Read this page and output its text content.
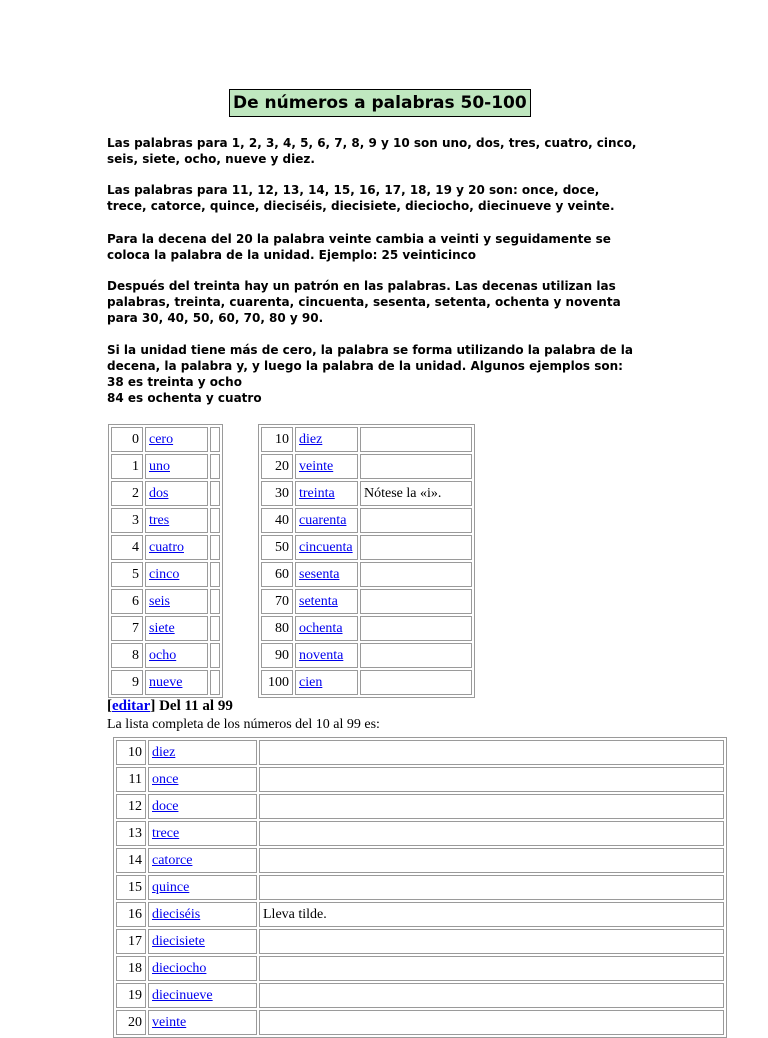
De números a palabras 50-100
Las palabras para 1, 2, 3, 4, 5, 6, 7, 8, 9 y 10 son uno, dos, tres, cuatro, cinco,
seis, siete, ocho, nueve y diez.
Las palabras para 11, 12, 13, 14, 15, 16, 17, 18, 19 y 20 son: once, doce,
trece, catorce, quince, dieciséis, diecisiete, dieciocho, diecinueve y veinte.
Para la decena del 20 la palabra veinte cambia a veinti y seguidamente se
coloca la palabra de la unidad. Ejemplo: 25 veinticinco
Después del treinta hay un patrón en las palabras. Las decenas utilizan las
palabras, treinta, cuarenta, cincuenta, sesenta, setenta, ochenta y noventa
para 30, 40, 50, 60, 70, 80 y 90.
Si la unidad tiene más de cero, la palabra se forma utilizando la palabra de la
decena, la palabra y, y luego la palabra de la unidad. Algunos ejemplos son:
38 es treinta y ocho
84 es ochenta y cuatro
0	cero	
1	uno	
2	dos	
3	tres	
4	cuatro	
5	cinco	
6	seis	
7	siete	
8	ocho	
9	nueve	
10	diez	
20	veinte	
30	treinta	Nótese la «i».
40	cuarenta	
50	cincuenta	
60	sesenta	
70	setenta	
80	ochenta	
90	noventa	
100	cien	
[editar] Del 11 al 99
La lista completa de los números del 10 al 99 es:
10	diez	
11	once	
12	doce	
13	trece	
14	catorce	
15	quince	
16	dieciséis	Lleva tilde.
17	diecisiete	
18	dieciocho	
19	diecinueve	
20	veinte	
